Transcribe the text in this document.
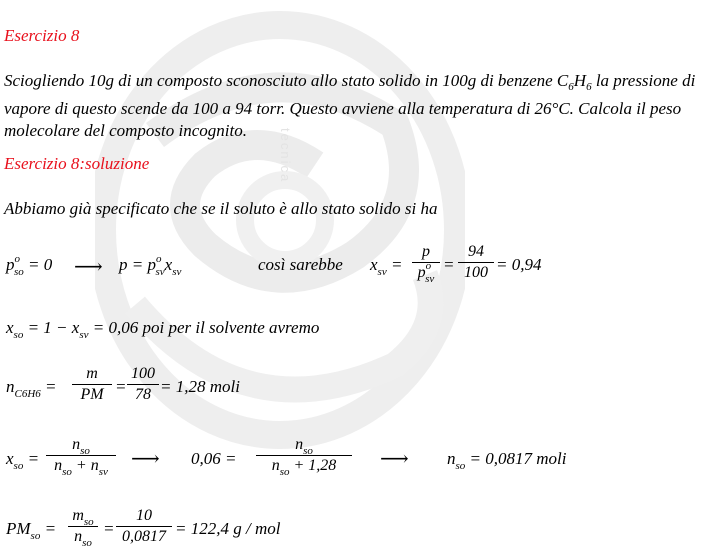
tecnica
Esercizio 8
Sciogliendo 10g di un composto sconosciuto allo stato solido in 100g di benzene $C_6H_6$ la pressione di vapore di questo scende da 100 a 94 torr. Questo avviene alla temperatura di 26°C. Calcola il peso molecolare del composto incognito.
Esercizio 8:soluzione
Abbiamo già specificato che se il soluto è allo stato solido si ha
$p^o_{so} = 0$ ⟶ $p = p^o_{sv}x_{sv}$	così sarebbe $x_{sv}$ =
p
$p^o_{sv}$
= $\frac{94}{100} = 0,94$
$x_{so} = 1 - x_{sv} = 0,06$ poi per il solvente avremo
$n_{C6H6} = \frac{m}{PM} = \frac{100}{78} = 1,28$ moli
$x_{so}$ =
$n_{so}$
$n_{so} + n_{sv}$
⟶ 0,06 =
$n_{so}$
$n_{so} + 1,28$	⟶ $n_{so} = 0,0817$ moli
$PM_{so}$ =
$m_{so}$
$n_{so}$
= $\frac{10}{0,0817} = 122,4$ g / mol
